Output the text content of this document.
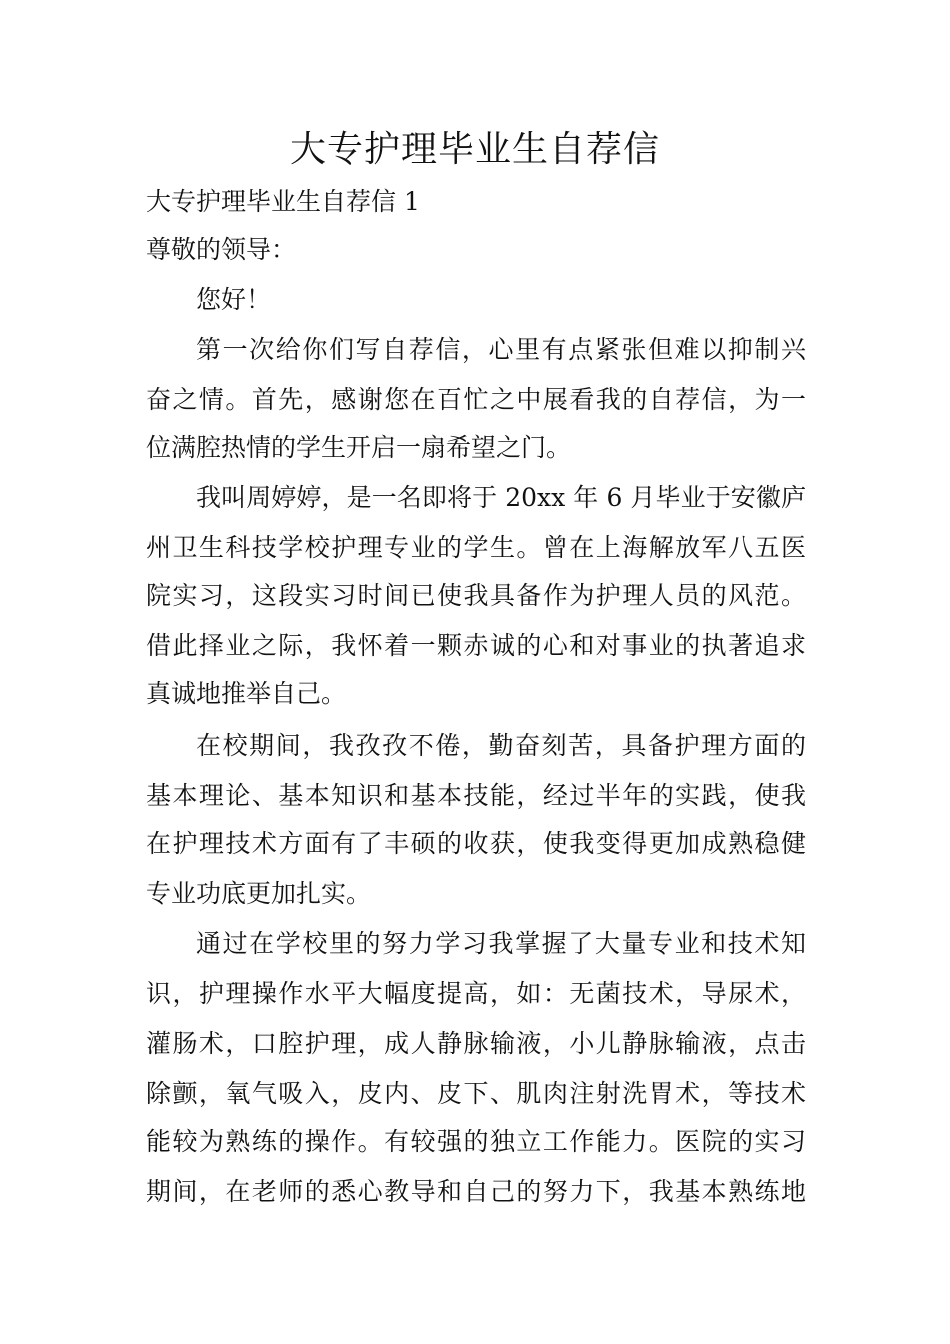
大专护理毕业生自荐信

大专护理毕业生自荐信 1

尊敬的领导：

您好！

第一次给你们写自荐信，心里有点紧张但难以抑制兴

奋之情。首先，感谢您在百忙之中展看我的自荐信，为一

位满腔热情的学生开启一扇希望之门。

我叫周婷婷，是一名即将于 20xx 年 6 月毕业于安徽庐

州卫生科技学校护理专业的学生。曾在上海解放军八五医

院实习，这段实习时间已使我具备作为护理人员的风范。

借此择业之际，我怀着一颗赤诚的心和对事业的执著追求

真诚地推举自己。

在校期间，我孜孜不倦，勤奋刻苦，具备护理方面的

基本理论、基本知识和基本技能，经过半年的实践，使我

在护理技术方面有了丰硕的收获，使我变得更加成熟稳健

专业功底更加扎实。

通过在学校里的努力学习我掌握了大量专业和技术知

识，护理操作水平大幅度提高，如：无菌技术，导尿术，

灌肠术，口腔护理，成人静脉输液，小儿静脉输液，点击

除颤，氧气吸入，皮内、皮下、肌肉注射洗胃术，等技术

能较为熟练的操作。有较强的独立工作能力。医院的实习

期间，在老师的悉心教导和自己的努力下，我基本熟练地
